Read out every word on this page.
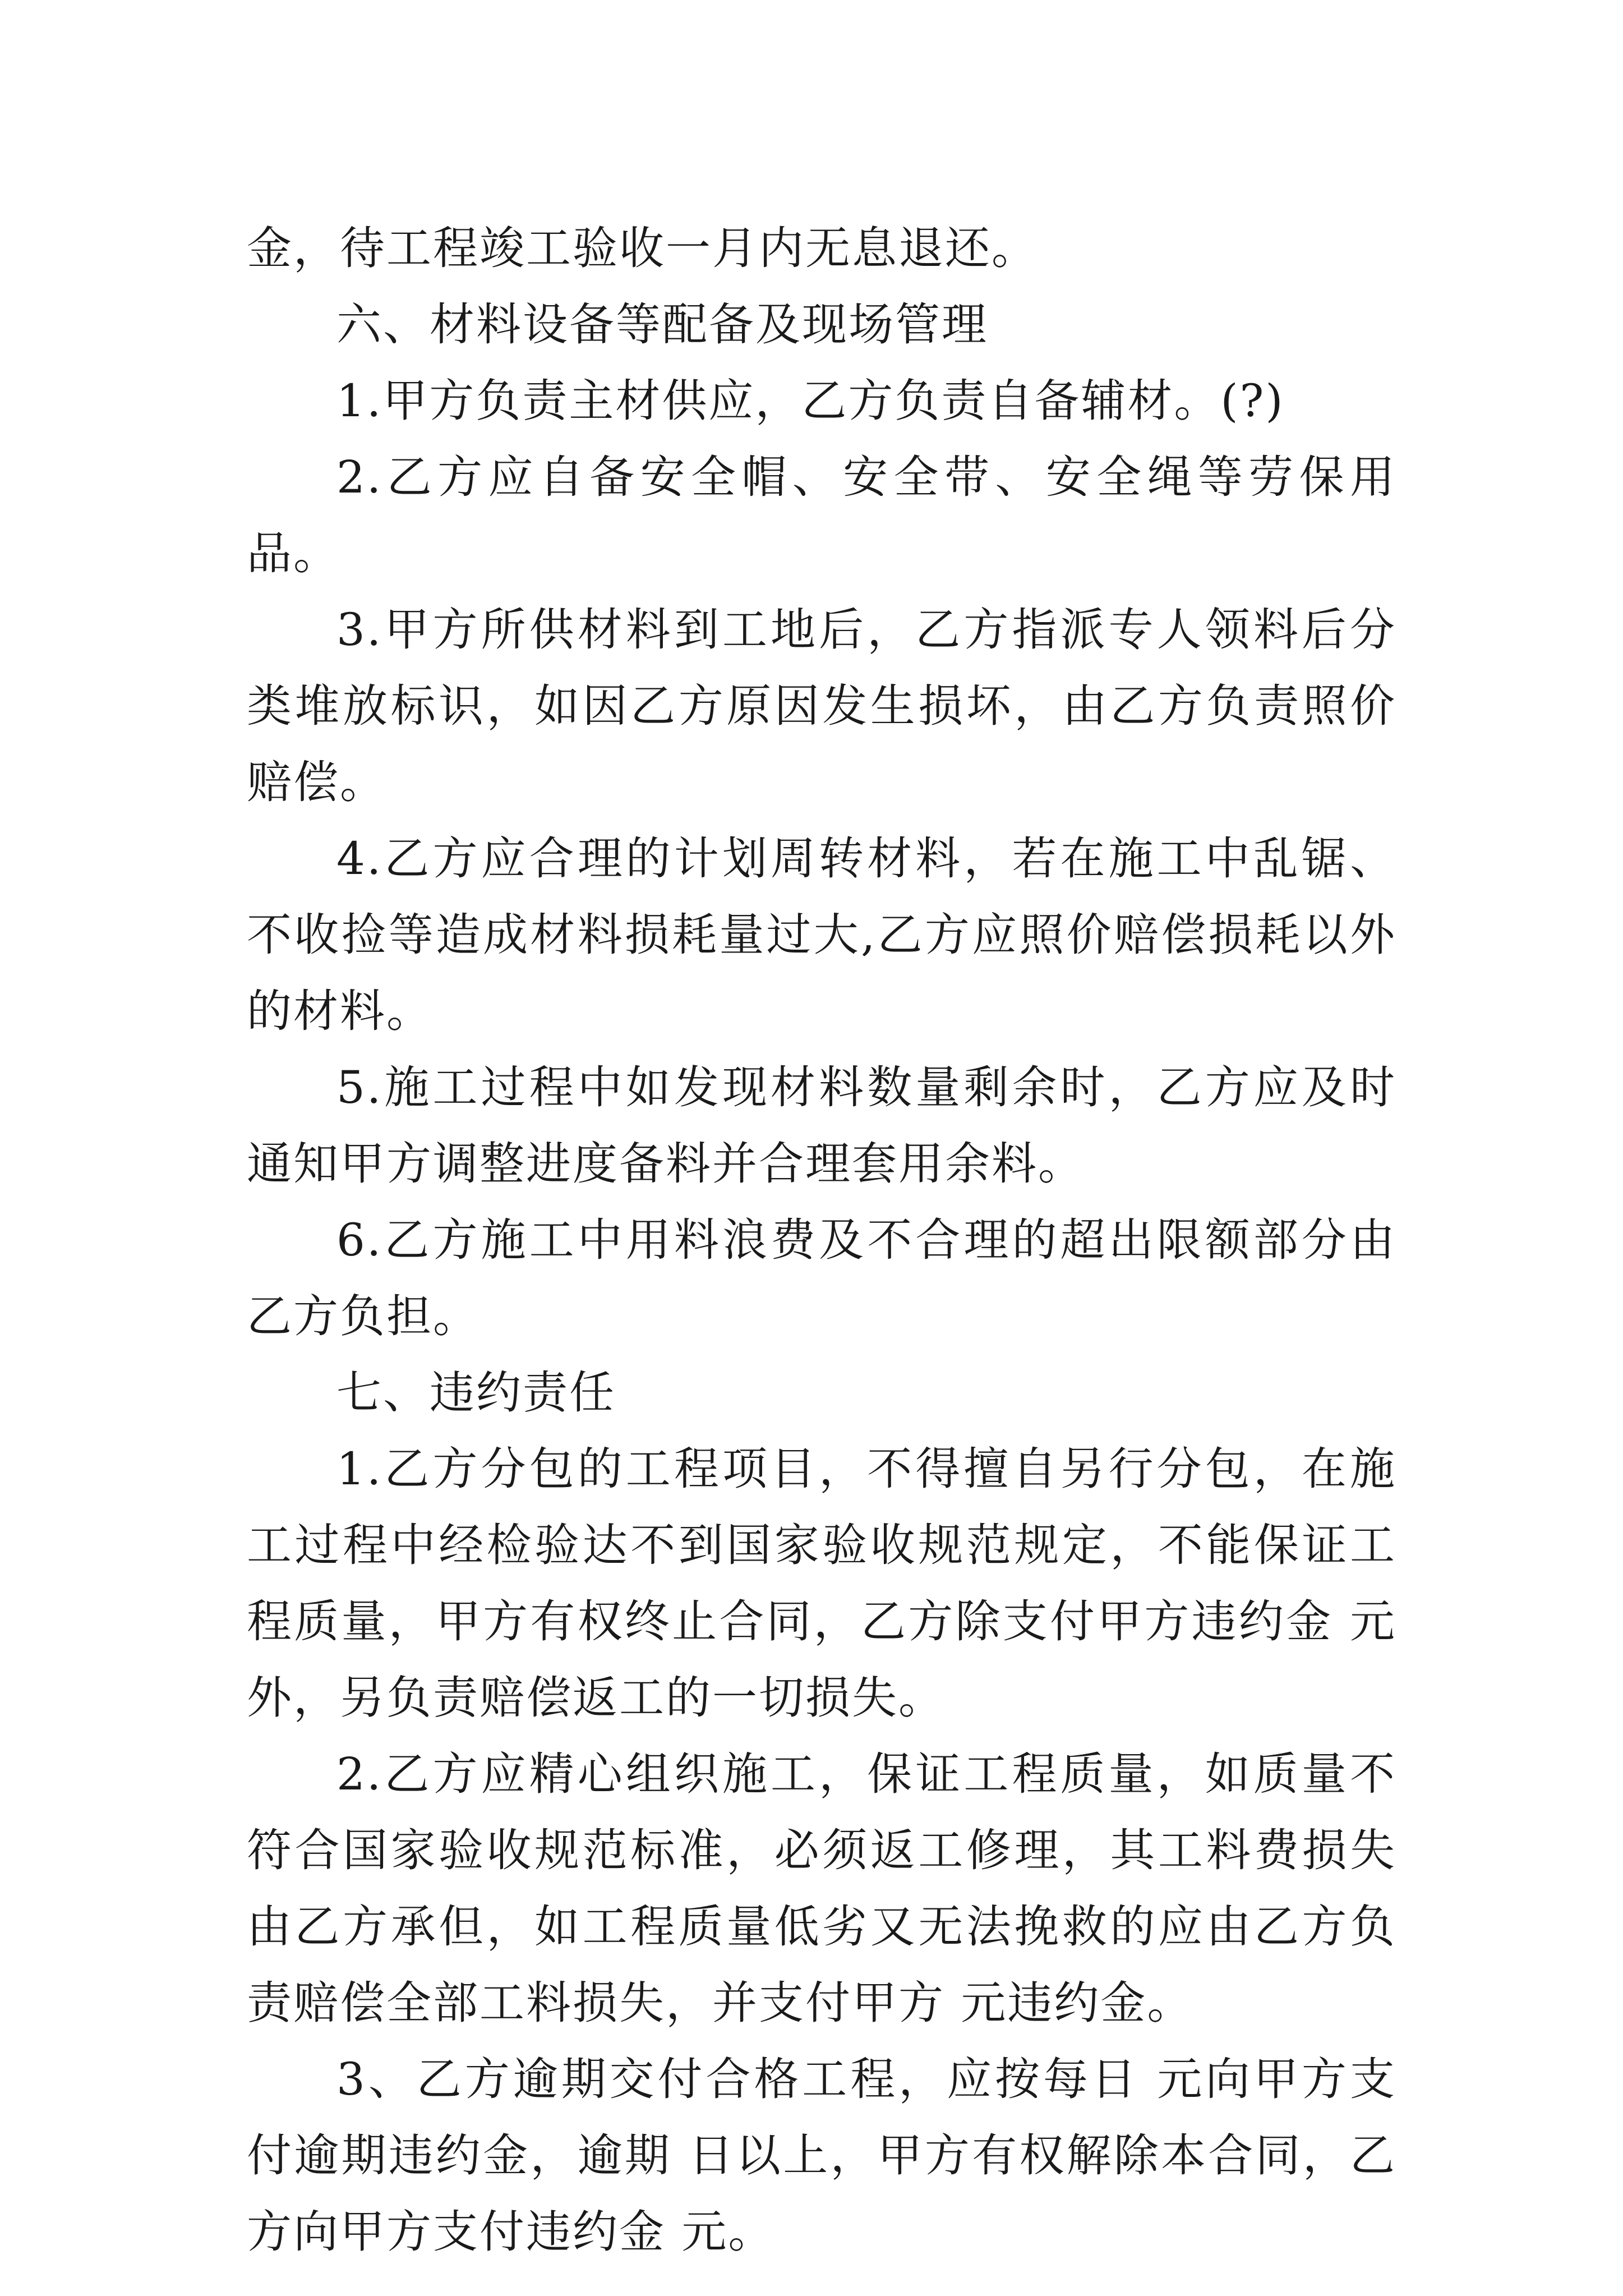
金，待工程竣工验收一月内无息退还。

六、材料设备等配备及现场管理

1.甲方负责主材供应，乙方负责自备辅材。(?)

2.乙方应自备安全帽、安全带、安全绳等劳保用品。

3.甲方所供材料到工地后，乙方指派专人领料后分类堆放标识，如因乙方原因发生损坏，由乙方负责照价赔偿。

4.乙方应合理的计划周转材料，若在施工中乱锯、不收捡等造成材料损耗量过大,乙方应照价赔偿损耗以外的材料。

5.施工过程中如发现材料数量剩余时，乙方应及时通知甲方调整进度备料并合理套用余料。

6.乙方施工中用料浪费及不合理的超出限额部分由乙方负担。

七、违约责任

1.乙方分包的工程项目，不得擅自另行分包，在施工过程中经检验达不到国家验收规范规定，不能保证工程质量，甲方有权终止合同，乙方除支付甲方违约金 元外，另负责赔偿返工的一切损失。

2.乙方应精心组织施工，保证工程质量，如质量不符合国家验收规范标准，必须返工修理，其工料费损失由乙方承但，如工程质量低劣又无法挽救的应由乙方负责赔偿全部工料损失，并支付甲方 元违约金。

3、乙方逾期交付合格工程，应按每日 元向甲方支付逾期违约金，逾期 日以上，甲方有权解除本合同，乙方向甲方支付违约金 元。
